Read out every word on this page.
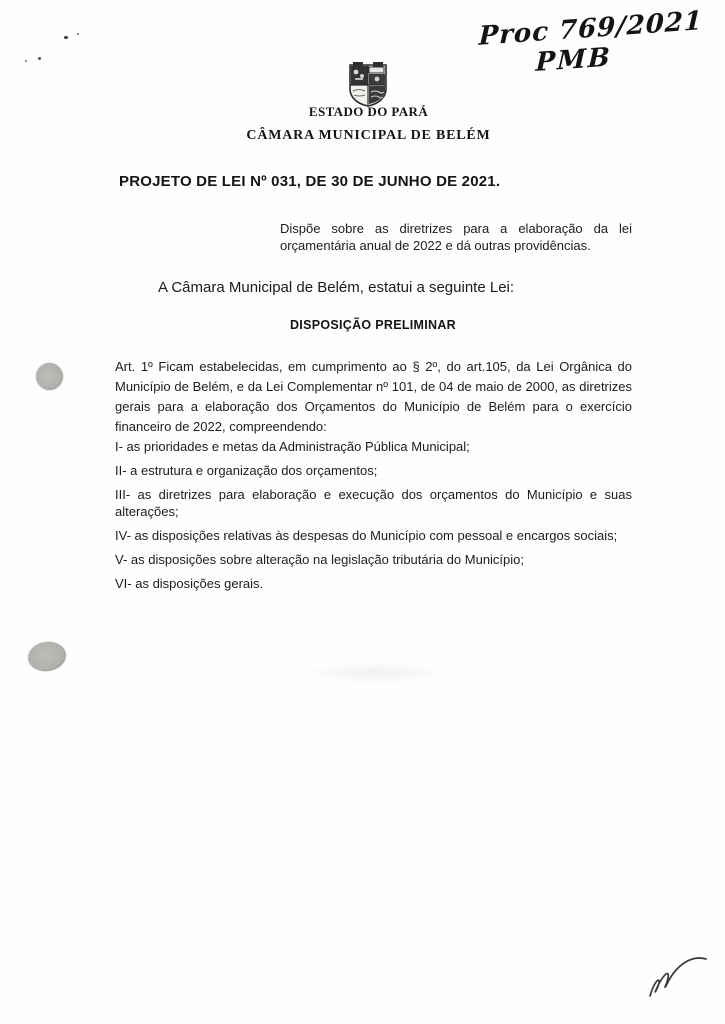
Proc 769/2021
PMB
ESTADO DO PARÁ
CÂMARA MUNICIPAL DE BELÉM
PROJETO DE LEI Nº 031, DE 30 DE JUNHO DE 2021.
Dispõe sobre as diretrizes para a elaboração da lei orçamentária anual de 2022 e dá outras providências.
A Câmara Municipal de Belém, estatui a seguinte Lei:
DISPOSIÇÃO PRELIMINAR

Art. 1º Ficam estabelecidas, em cumprimento ao § 2º, do art.105, da Lei Orgânica do Município de Belém, e da Lei Complementar nº 101, de 04 de maio de 2000, as diretrizes gerais para a elaboração dos Orçamentos do Município de Belém para o exercício financeiro de 2022, compreendendo:

I- as prioridades e metas da Administração Pública Municipal;

II- a estrutura e organização dos orçamentos;

III- as diretrizes para elaboração e execução dos orçamentos do Município e suas alterações;

IV- as disposições relativas às despesas do Município com pessoal e encargos sociais;

V- as disposições sobre alteração na legislação tributária do Município;

VI- as disposições gerais.
